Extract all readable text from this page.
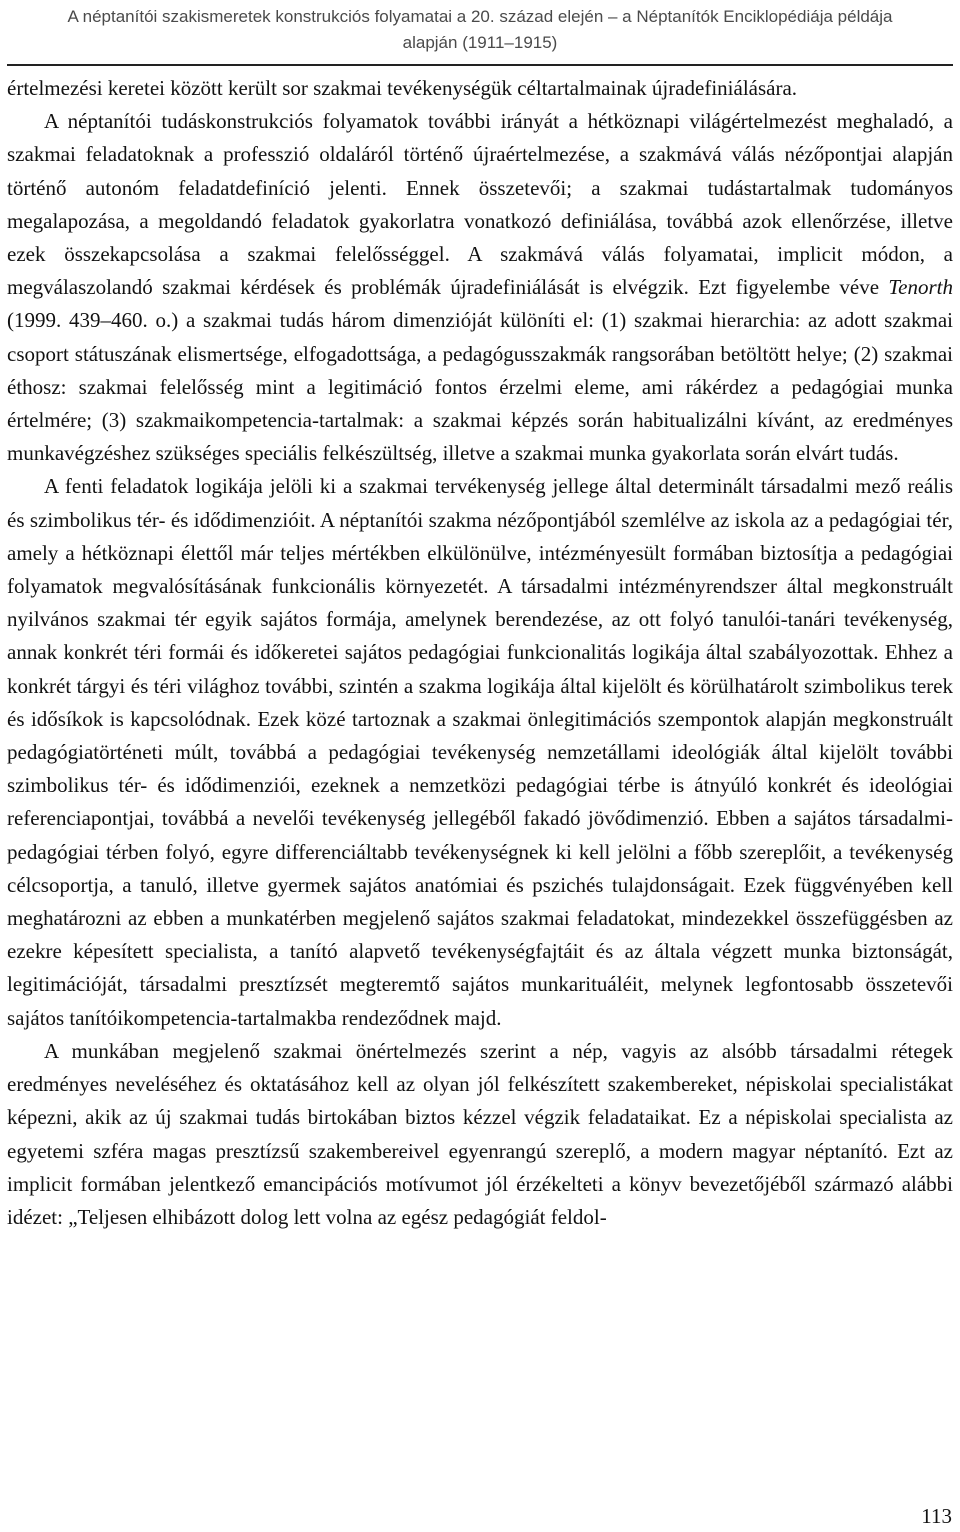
A néptanítói szakismeretek konstrukciós folyamatai a 20. század elején – a Néptanítók Enciklopédiája példája
alapján (1911–1915)

értelmezési keretei között került sor szakmai tevékenységük céltartalmainak újradefiniálására.

A néptanítói tudáskonstrukciós folyamatok további irányát a hétköznapi világértelmezést meghaladó, a szakmai feladatoknak a professzió oldaláról történő újraértelmezése, a szakmává válás nézőpontjai alapján történő autonóm feladatdefiníció jelenti. Ennek összetevői; a szakmai tudástartalmak tudományos megalapozása, a megoldandó feladatok gyakorlatra vonatkozó definiálása, továbbá azok ellenőrzése, illetve ezek összekapcsolása a szakmai felelősséggel. A szakmává válás folyamatai, implicit módon, a megválaszolandó szakmai kérdések és problémák újradefiniálását is elvégzik. Ezt figyelembe véve Tenorth (1999. 439–460. o.) a szakmai tudás három dimenzióját különíti el: (1) szakmai hierarchia: az adott szakmai csoport státuszának elismertsége, elfogadottsága, a pedagógusszakmák rangsorában betöltött helye; (2) szakmai éthosz: szakmai felelősség mint a legitimáció fontos érzelmi eleme, ami rákérdez a pedagógiai munka értelmére; (3) szakmaikompetencia-tartalmak: a szakmai képzés során habitualizálni kívánt, az eredményes munkavégzéshez szükséges speciális felkészültség, illetve a szakmai munka gyakorlata során elvárt tudás.

A fenti feladatok logikája jelöli ki a szakmai tervékenység jellege által determinált társadalmi mező reális és szimbolikus tér- és idődimenzióit. A néptanítói szakma nézőpontjából szemlélve az iskola az a pedagógiai tér, amely a hétköznapi élettől már teljes mértékben elkülönülve, intézményesült formában biztosítja a pedagógiai folyamatok megvalósításának funkcionális környezetét. A társadalmi intézményrendszer által megkonstruált nyilvános szakmai tér egyik sajátos formája, amelynek berendezése, az ott folyó tanulói-tanári tevékenység, annak konkrét téri formái és időkeretei sajátos pedagógiai funkcionalitás logikája által szabályozottak. Ehhez a konkrét tárgyi és téri világhoz további, szintén a szakma logikája által kijelölt és körülhatárolt szimbolikus terek és idősíkok is kapcsolódnak. Ezek közé tartoznak a szakmai önlegitimációs szempontok alapján megkonstruált pedagógiatörténeti múlt, továbbá a pedagógiai tevékenység nemzetállami ideológiák által kijelölt további szimbolikus tér- és idődimenziói, ezeknek a nemzetközi pedagógiai térbe is átnyúló konkrét és ideológiai referenciapontjai, továbbá a nevelői tevékenység jellegéből fakadó jövődimenzió. Ebben a sajátos társadalmi-pedagógiai térben folyó, egyre differenciáltabb tevékenységnek ki kell jelölni a főbb szereplőit, a tevékenység célcsoportja, a tanuló, illetve gyermek sajátos anatómiai és pszichés tulajdonságait. Ezek függvényében kell meghatározni az ebben a munkatérben megjelenő sajátos szakmai feladatokat, mindezekkel összefüggésben az ezekre képesített specialista, a tanító alapvető tevékenységfajtáit és az általa végzett munka biztonságát, legitimációját, társadalmi presztízsét megteremtő sajátos munkarituáléit, melynek legfontosabb összetevői sajátos tanítóikompetencia-tartalmakba rendeződnek majd.

A munkában megjelenő szakmai önértelmezés szerint a nép, vagyis az alsóbb társadalmi rétegek eredményes neveléséhez és oktatásához kell az olyan jól felkészített szakembereket, népiskolai specialistákat képezni, akik az új szakmai tudás birtokában biztos kézzel végzik feladataikat. Ez a népiskolai specialista az egyetemi szféra magas presztízsű szakembereivel egyenrangú szereplő, a modern magyar néptanító. Ezt az implicit formában jelentkező emancipációs motívumot jól érzékelteti a könyv bevezetőjéből származó alábbi idézet: „Teljesen elhibázott dolog lett volna az egész pedagógiát feldol-

113
